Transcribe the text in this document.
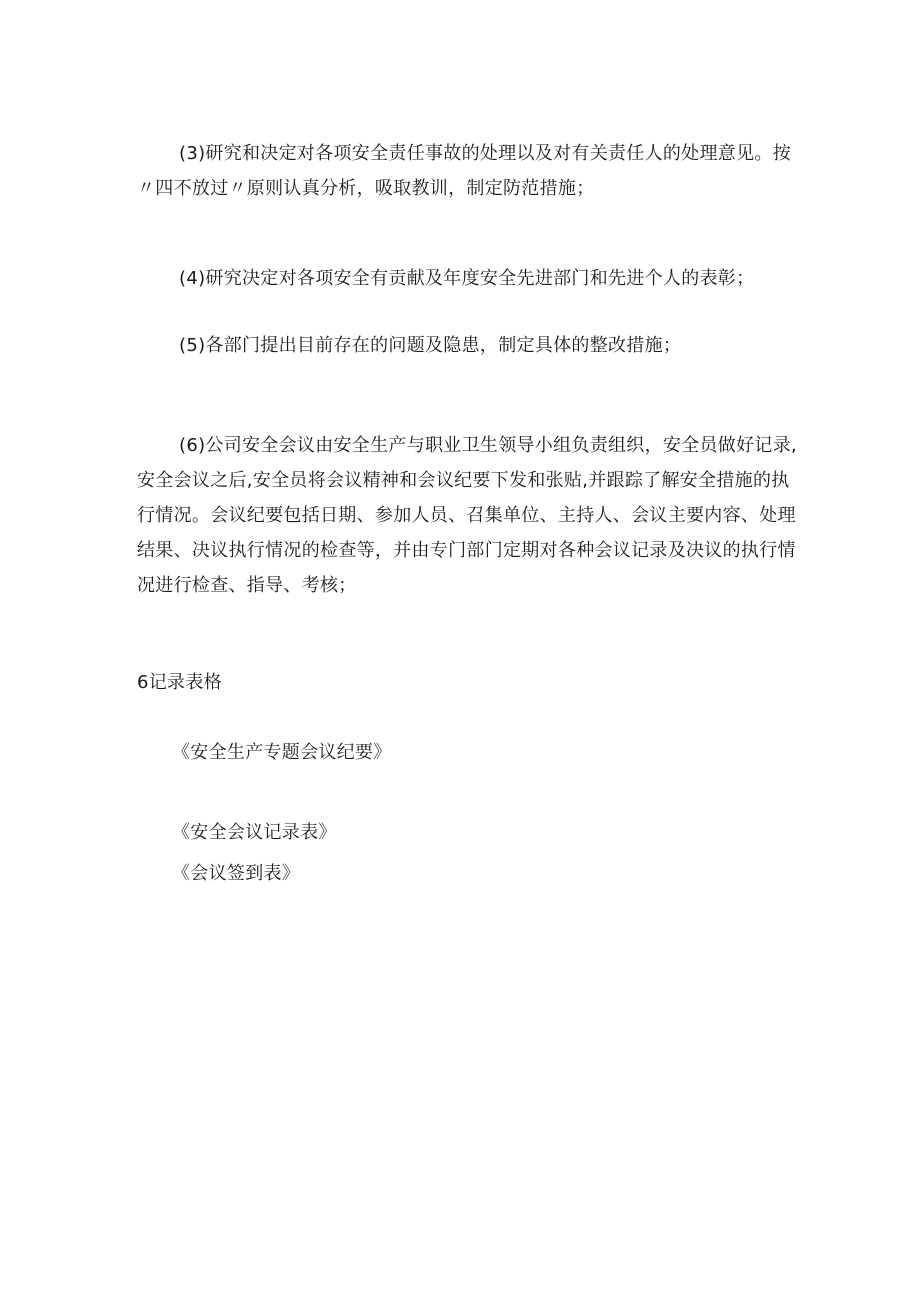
(3)研究和决定对各项安全责任事故的处理以及对有关责任人的处理意见。按〃四不放过〃原则认真分析，吸取教训，制定防范措施；

(4)研究决定对各项安全有贡献及年度安全先进部门和先进个人的表彰；

(5)各部门提出目前存在的问题及隐患，制定具体的整改措施；

(6)公司安全会议由安全生产与职业卫生领导小组负责组织，安全员做好记录,安全会议之后,安全员将会议精神和会议纪要下发和张贴,并跟踪了解安全措施的执行情况。会议纪要包括日期、参加人员、召集单位、主持人、会议主要内容、处理结果、决议执行情况的检查等，并由专门部门定期对各种会议记录及决议的执行情况进行检查、指导、考核；

6记录表格

《安全生产专题会议纪要》

《安全会议记录表》

《会议签到表》
